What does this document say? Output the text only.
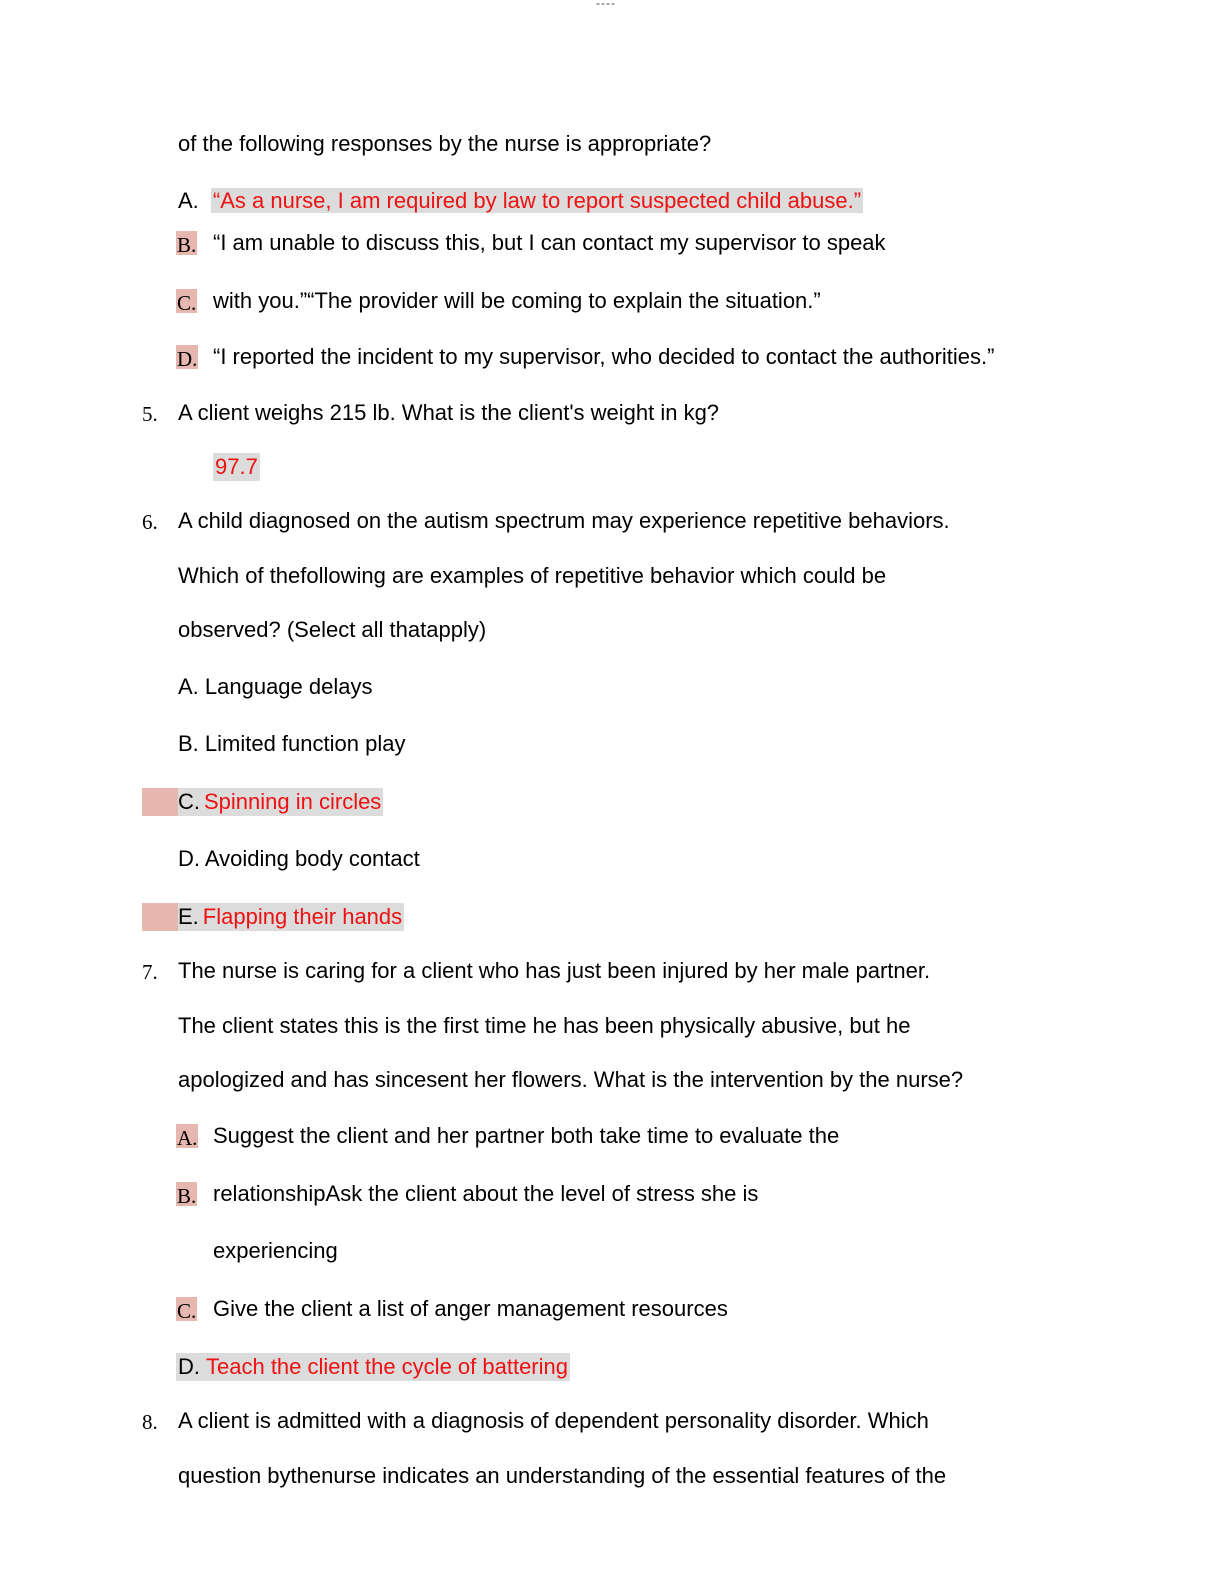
----
of the following responses by the nurse is appropriate?
A. “As a nurse, I am required by law to report suspected child abuse.”
B. “I am unable to discuss this, but I can contact my supervisor to speak
C. with you.”“The provider will be coming to explain the situation.”
D. “I reported the incident to my supervisor, who decided to contact the authorities.”
5. A client weighs 215 lb. What is the client's weight in kg?
97.7
6. A child diagnosed on the autism spectrum may experience repetitive behaviors.
Which of thefollowing are examples of repetitive behavior which could be
observed? (Select all thatapply)
A. Language delays
B. Limited function play
C. Spinning in circles
D. Avoiding body contact
E. Flapping their hands
7. The nurse is caring for a client who has just been injured by her male partner.
The client states this is the first time he has been physically abusive, but he
apologized and has sincesent her flowers. What is the intervention by the nurse?
A. Suggest the client and her partner both take time to evaluate the
B. relationshipAsk the client about the level of stress she is
experiencing
C. Give the client a list of anger management resources
D. Teach the client the cycle of battering
8. A client is admitted with a diagnosis of dependent personality disorder. Which
question bythenurse indicates an understanding of the essential features of the
